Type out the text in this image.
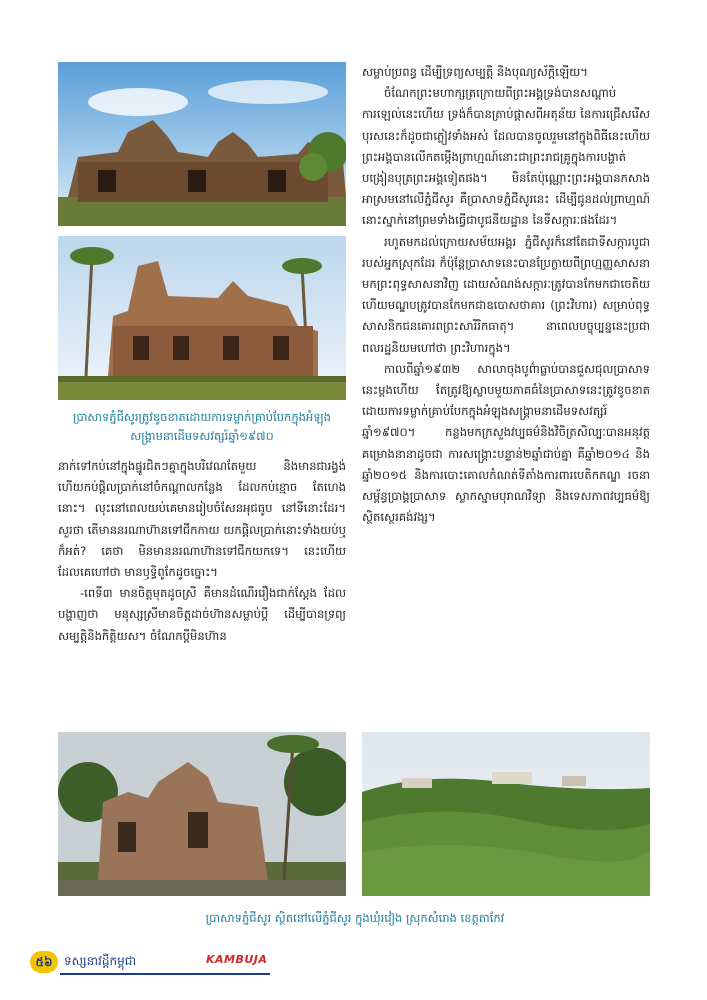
ប្រាសាទភ្នំជីសូរត្រូវខូចខាតដោយការទម្លាក់គ្រាប់បែកក្នុងអំឡុងសង្គ្រាមនាដើមទសវត្សរ៍ឆ្នាំ១៩៧០

នាក់ទៅកប់នៅក្នុងផ្នូរជិតៗគ្នាក្នុងបរិវេណតែមួយ និងមានជារង្វង់ ហើយកប់ផ្តិលប្រាក់នៅចំកណ្តាលកន្លែង ដែលកប់ខ្មោច តែហេងនោះ។ លុះនៅពេលយប់គេមានរៀបចំសែនអុជធូប នៅទីនោះដែរ។ សួរថា តើមាននរណាហ៊ានទៅជីកកាយ យកផ្តិលប្រាក់នោះទាំងយប់ឬក៏អត់? គេថា មិនមាននរណាហ៊ានទៅជីកយកទេ។ នេះហើយ ដែលគេហៅថា មានឫទ្ធិពូកែដូចច្នោះ។

-ពេទី៣ មានចិត្តមុតដូចស្រី គឺមានដំណើររឿងជាក់ស្តែង ដែលបង្ហាញថា មនុស្សស្រីមានចិត្តដាច់ហ៊ានសម្លាប់ប្តី ដើម្បីបានទ្រព្យសម្បត្តិនិងកិត្តិយស។ ចំណែកប្តីមិនហ៊ាន

សម្លាប់ប្រពន្ធ ដើម្បីទ្រព្យសម្បត្តិ និងបុណ្យស័ក្តិឡើយ។

ចំណែកព្រះមហាក្សត្រក្រោយពីព្រះអង្គទ្រង់បានសណ្តាប់ការឡេល់នេះហើយ ទ្រង់ក៏បានត្រាប់ផ្តាសពីអតុន័យ នៃការជ្រើសរើសបុរសនេះក៏ដូចជាភ្លៀវទាំងអស់ ដែលបានចូលរួមនៅក្នុងពិធីនេះហើយព្រះអង្គបានលើកតម្កើងព្រាហ្មណ៍នោះជាព្រះរាជគ្រូក្នុងការបង្ហាត់បង្រៀនបុត្រព្រះអង្គទៀតផង។ មិនតែប៉ុណ្ណោះព្រះអង្គបានកសាងអាស្រមនៅលើភ្នំជីសូរ គឺប្រាសាទភ្នំជីសូរនេះ ដើម្បីជូនដល់ព្រាហ្មណ៍នោះស្នាក់នៅព្រមទាំងធ្វើជាបូជនីយដ្ឋាន នៃទីសក្ការៈផងដែរ។

រហូតមកដល់ក្រោយសម័យអង្គរ ភ្នំជីសូរក៏នៅតែជាទីសក្ការបូជារបស់អ្នកស្រុកដែរ ក៏ប៉ុន្តែប្រាសាទនេះបានប្រែក្លាយពីព្រហ្មញ្ញសាសនា មកព្រះពុទ្ធសាសនាវិញ ដោយសំណង់សក្ការៈត្រូវបានកែមកជាចេតិយ ហើយមណ្ឌបត្រូវបានកែមកជាឧបោសថាគារ (ព្រះវិហារ) សម្រាប់ពុទ្ធសាសនិកជនគោរពព្រះសារីរិកធាតុ។ នាពេលបច្ចុប្បន្ននេះប្រជាពលរដ្ឋនិយមហៅថា ព្រះវិហារក្នុង។

កាលពីឆ្នាំ១៩៣២ សាលាចុងបូព៌ាធ្លាប់បានជួសជុលប្រាសាទនេះម្តងហើយ តែត្រូវឱ្យស្លាបមួយភាគធំនៃប្រាសាទនេះត្រូវខូចខាតដោយការទម្លាក់គ្រាប់បែកក្នុងអំឡុងសង្គ្រាមនាដើមទសវត្សរ៍ឆ្នាំ១៩៧០។ កន្លងមកក្រសួងវប្បធម៌និងវិចិត្រសិល្បៈបានអនុវត្តគម្រោងនានាដូចជា ការសង្គ្រោះបន្ទាន់២ឆ្នាំជាប់គ្នា គឺឆ្នាំ២០១៤ និងឆ្នាំ២០១៥ និងការបោះគោលកំណត់ទីតាំងការពារបេតិកភណ្ឌ រចនាសម្ព័ន្ធប្រាង្គប្រាសាទ ស្លាកស្នាមបុរាណវិទ្យា និងទេសភាពវប្បធម៌ឱ្យស្ថិតស្ថេរគង់វង្ស។

ប្រាសាទភ្នំជីសូរ ស្ថិតនៅលើភ្នំជីសូរ ក្នុងឃុំរវៀង ស្រុកសំរោង ខេត្តតាកែវ
៥៦ ទស្សនាវដ្តីកម្ពុជា	KAMBUJA
